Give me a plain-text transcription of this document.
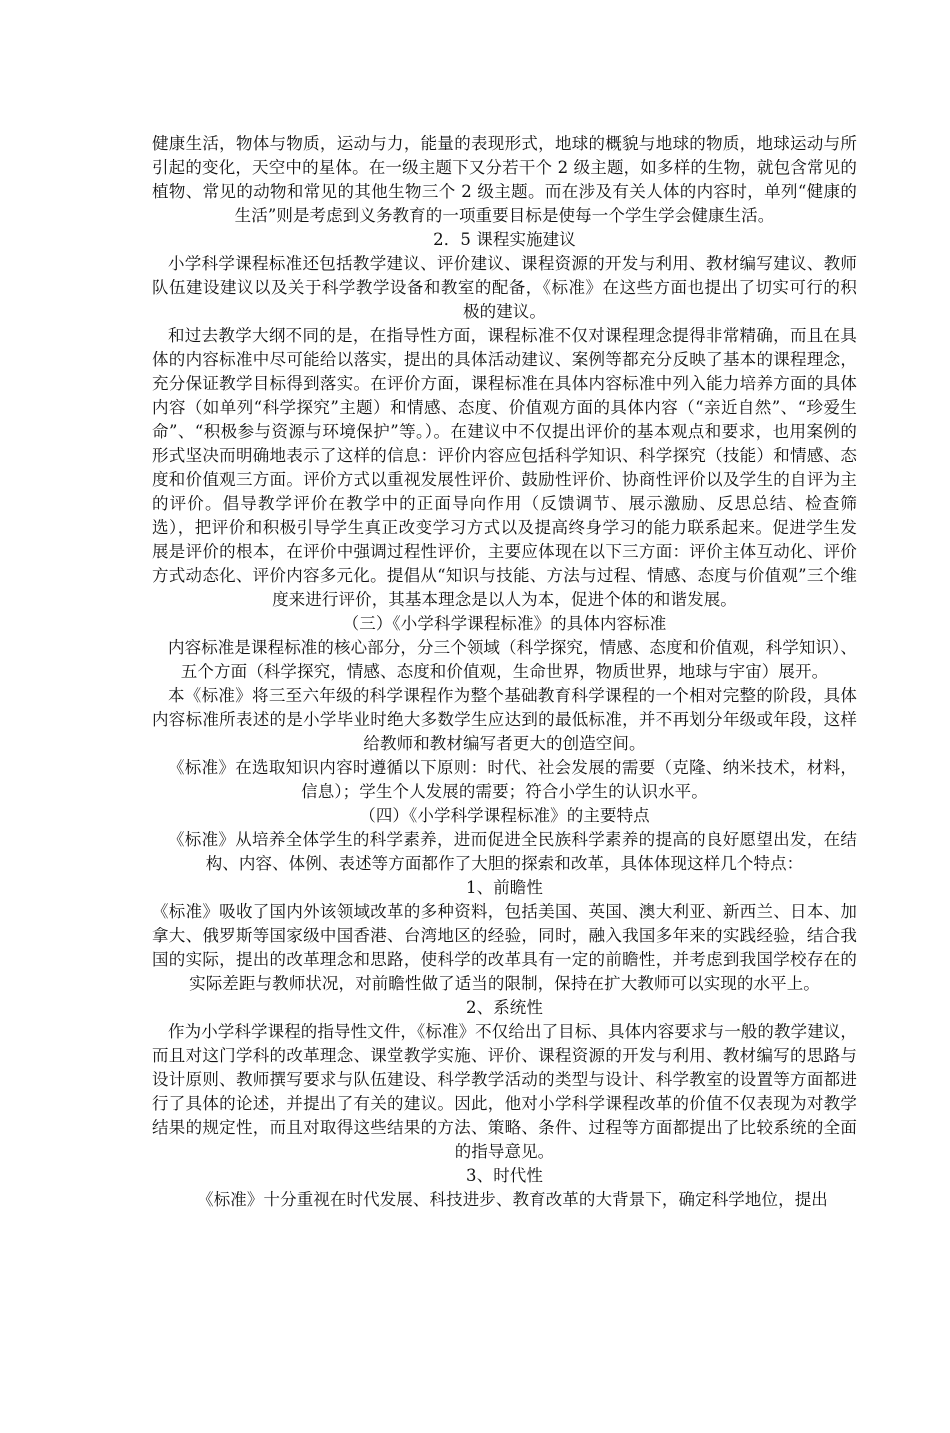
健康生活，物体与物质，运动与力，能量的表现形式，地球的概貌与地球的物质，地球运动与所引起的变化，天空中的星体。在一级主题下又分若干个 2 级主题，如多样的生物，就包含常见的植物、常见的动物和常见的其他生物三个 2 级主题。而在涉及有关人体的内容时，单列“健康的生活”则是考虑到义务教育的一项重要目标是使每一个学生学会健康生活。

2．5 课程实施建议

小学科学课程标准还包括教学建议、评价建议、课程资源的开发与利用、教材编写建议、教师队伍建设建议以及关于科学教学设备和教室的配备，《标准》在这些方面也提出了切实可行的积极的建议。

和过去教学大纲不同的是，在指导性方面，课程标准不仅对课程理念提得非常精确，而且在具体的内容标准中尽可能给以落实，提出的具体活动建议、案例等都充分反映了基本的课程理念，充分保证教学目标得到落实。在评价方面，课程标准在具体内容标准中列入能力培养方面的具体内容（如单列“科学探究”主题）和情感、态度、价值观方面的具体内容（“亲近自然”、“珍爱生命”、“积极参与资源与环境保护”等。）。在建议中不仅提出评价的基本观点和要求，也用案例的形式坚决而明确地表示了这样的信息：评价内容应包括科学知识、科学探究（技能）和情感、态度和价值观三方面。评价方式以重视发展性评价、鼓励性评价、协商性评价以及学生的自评为主的评价。倡导教学评价在教学中的正面导向作用（反馈调节、展示激励、反思总结、检查筛选），把评价和积极引导学生真正改变学习方式以及提高终身学习的能力联系起来。促进学生发展是评价的根本，在评价中强调过程性评价，主要应体现在以下三方面：评价主体互动化、评价方式动态化、评价内容多元化。提倡从“知识与技能、方法与过程、情感、态度与价值观”三个维度来进行评价，其基本理念是以人为本，促进个体的和谐发展。

（三）《小学科学课程标准》的具体内容标准

内容标准是课程标准的核心部分，分三个领域（科学探究，情感、态度和价值观，科学知识）、五个方面（科学探究，情感、态度和价值观，生命世界，物质世界，地球与宇宙）展开。

本《标准》将三至六年级的科学课程作为整个基础教育科学课程的一个相对完整的阶段，具体内容标准所表述的是小学毕业时绝大多数学生应达到的最低标准，并不再划分年级或年段，这样给教师和教材编写者更大的创造空间。

《标准》在选取知识内容时遵循以下原则：时代、社会发展的需要（克隆、纳米技术，材料，信息）；学生个人发展的需要；符合小学生的认识水平。

（四）《小学科学课程标准》的主要特点

《标准》从培养全体学生的科学素养，进而促进全民族科学素养的提高的良好愿望出发，在结构、内容、体例、表述等方面都作了大胆的探索和改革，具体体现这样几个特点：

1、前瞻性

《标准》吸收了国内外该领域改革的多种资料，包括美国、英国、澳大利亚、新西兰、日本、加拿大、俄罗斯等国家级中国香港、台湾地区的经验，同时，融入我国多年来的实践经验，结合我国的实际，提出的改革理念和思路，使科学的改革具有一定的前瞻性，并考虑到我国学校存在的实际差距与教师状况，对前瞻性做了适当的限制，保持在扩大教师可以实现的水平上。

2、系统性

作为小学科学课程的指导性文件，《标准》不仅给出了目标、具体内容要求与一般的教学建议，而且对这门学科的改革理念、课堂教学实施、评价、课程资源的开发与利用、教材编写的思路与设计原则、教师撰写要求与队伍建设、科学教学活动的类型与设计、科学教室的设置等方面都进行了具体的论述，并提出了有关的建议。因此，他对小学科学课程改革的价值不仅表现为对教学结果的规定性，而且对取得这些结果的方法、策略、条件、过程等方面都提出了比较系统的全面的指导意见。

3、时代性

《标准》十分重视在时代发展、科技进步、教育改革的大背景下，确定科学地位，提出
